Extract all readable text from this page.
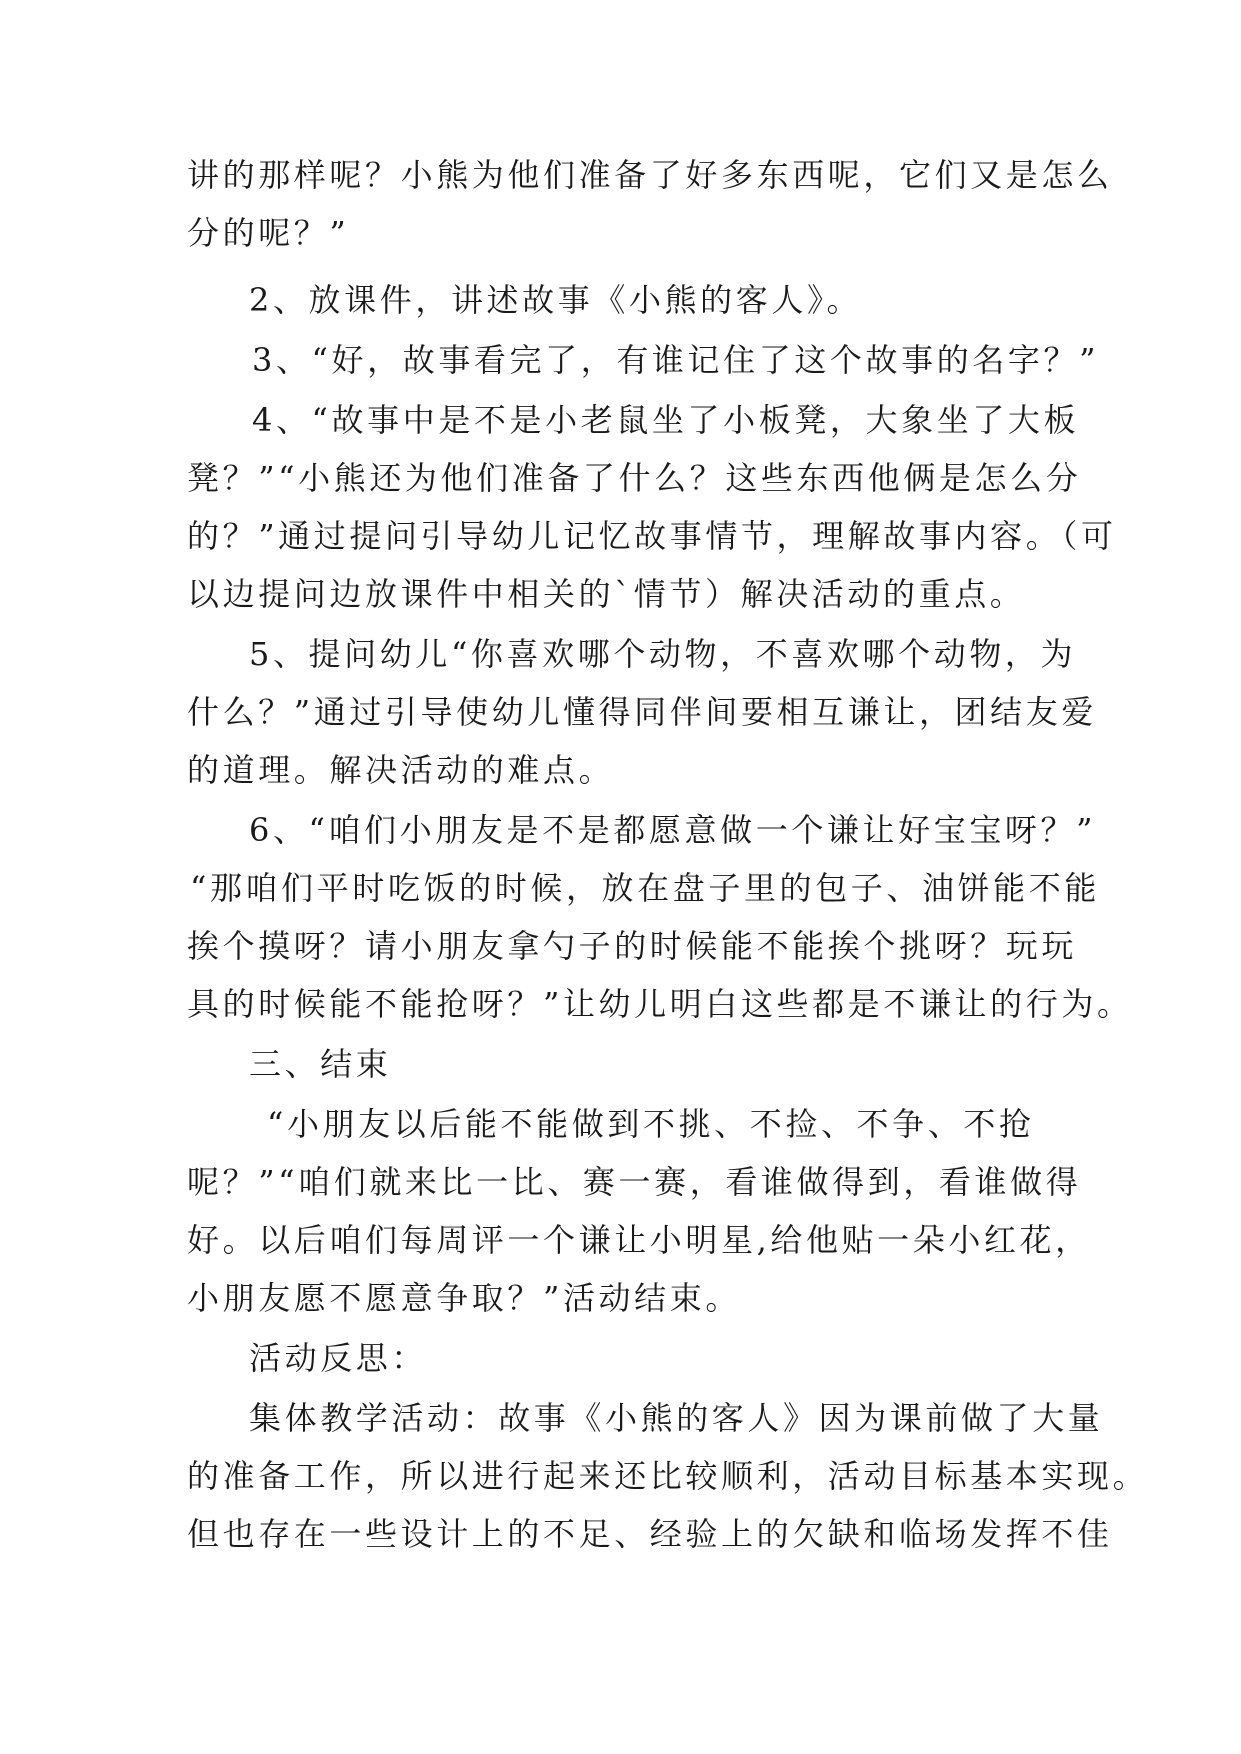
讲的那样呢？小熊为他们准备了好多东西呢，它们又是怎么
分的呢？”
2、放课件，讲述故事《小熊的客人》。
3、“好，故事看完了，有谁记住了这个故事的名字？”
4、“故事中是不是小老鼠坐了小板凳，大象坐了大板
凳？”“小熊还为他们准备了什么？这些东西他俩是怎么分
的？”通过提问引导幼儿记忆故事情节，理解故事内容。（可
以边提问边放课件中相关的`情节）解决活动的重点。
5、提问幼儿“你喜欢哪个动物，不喜欢哪个动物，为
什么？”通过引导使幼儿懂得同伴间要相互谦让，团结友爱
的道理。解决活动的难点。
6、“咱们小朋友是不是都愿意做一个谦让好宝宝呀？”
“那咱们平时吃饭的时候，放在盘子里的包子、油饼能不能
挨个摸呀？请小朋友拿勺子的时候能不能挨个挑呀？玩玩
具的时候能不能抢呀？”让幼儿明白这些都是不谦让的行为。
三、结束
“小朋友以后能不能做到不挑、不捡、不争、不抢
呢？”“咱们就来比一比、赛一赛，看谁做得到，看谁做得
好。以后咱们每周评一个谦让小明星,给他贴一朵小红花，
小朋友愿不愿意争取？”活动结束。
活动反思：
集体教学活动：故事《小熊的客人》因为课前做了大量
的准备工作，所以进行起来还比较顺利，活动目标基本实现。
但也存在一些设计上的不足、经验上的欠缺和临场发挥不佳
